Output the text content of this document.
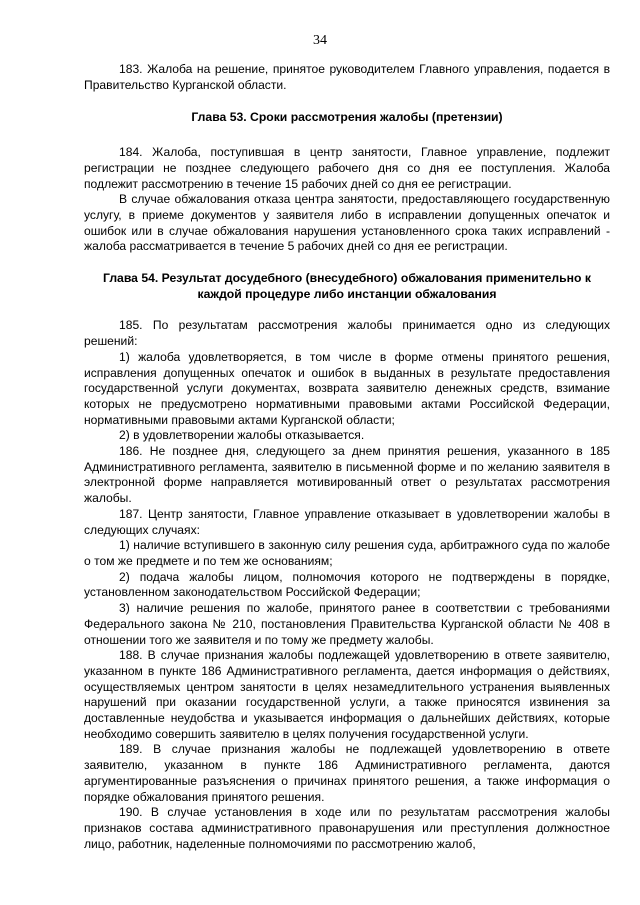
34

183. Жалоба на решение, принятое руководителем Главного управления, подается в Правительство Курганской области.

Глава 53. Сроки рассмотрения жалобы (претензии)

184. Жалоба, поступившая в центр занятости, Главное управление, подлежит регистрации не позднее следующего рабочего дня со дня ее поступления. Жалоба подлежит рассмотрению в течение 15 рабочих дней со дня ее регистрации.

В случае обжалования отказа центра занятости, предоставляющего государственную услугу, в приеме документов у заявителя либо в исправлении допущенных опечаток и ошибок или в случае обжалования нарушения установленного срока таких исправлений - жалоба рассматривается в течение 5 рабочих дней со дня ее регистрации.

Глава 54. Результат досудебного (внесудебного) обжалования применительно к каждой процедуре либо инстанции обжалования

185. По результатам рассмотрения жалобы принимается одно из следующих решений:

1) жалоба удовлетворяется, в том числе в форме отмены принятого решения, исправления допущенных опечаток и ошибок в выданных в результате предоставления государственной услуги документах, возврата заявителю денежных средств, взимание которых не предусмотрено нормативными правовыми актами Российской Федерации, нормативными правовыми актами Курганской области;

2) в удовлетворении жалобы отказывается.

186. Не позднее дня, следующего за днем принятия решения, указанного в 185 Административного регламента, заявителю в письменной форме и по желанию заявителя в электронной форме направляется мотивированный ответ о результатах рассмотрения жалобы.

187. Центр занятости, Главное управление отказывает в удовлетворении жалобы в следующих случаях:

1) наличие вступившего в законную силу решения суда, арбитражного суда по жалобе о том же предмете и по тем же основаниям;

2) подача жалобы лицом, полномочия которого не подтверждены в порядке, установленном законодательством Российской Федерации;

3) наличие решения по жалобе, принятого ранее в соответствии с требованиями Федерального закона № 210, постановления Правительства Курганской области № 408 в отношении того же заявителя и по тому же предмету жалобы.

188. В случае признания жалобы подлежащей удовлетворению в ответе заявителю, указанном в пункте 186 Административного регламента, дается информация о действиях, осуществляемых центром занятости в целях незамедлительного устранения выявленных нарушений при оказании государственной услуги, а также приносятся извинения за доставленные неудобства и указывается информация о дальнейших действиях, которые необходимо совершить заявителю в целях получения государственной услуги.

189. В случае признания жалобы не подлежащей удовлетворению в ответе заявителю, указанном в пункте 186 Административного регламента, даются аргументированные разъяснения о причинах принятого решения, а также информация о порядке обжалования принятого решения.

190. В случае установления в ходе или по результатам рассмотрения жалобы признаков состава административного правонарушения или преступления должностное лицо, работник, наделенные полномочиями по рассмотрению жалоб,
